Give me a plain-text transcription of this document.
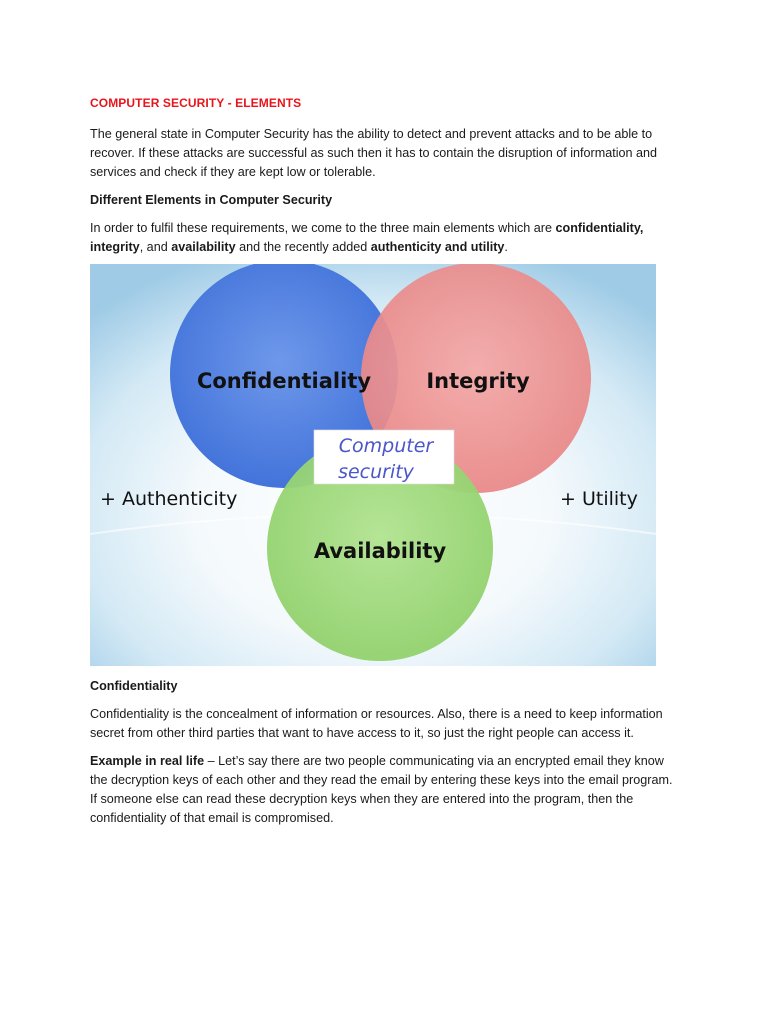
COMPUTER SECURITY - ELEMENTS

The general state in Computer Security has the ability to detect and prevent attacks and to be able to recover. If these attacks are successful as such then it has to contain the disruption of information and services and check if they are kept low or tolerable.

Different Elements in Computer Security

In order to fulfil these requirements, we come to the three main elements which are confidentiality, integrity, and availability and the recently added authenticity and utility.

Confidentiality	Integrity
Availability
Computer
security
+ Authenticity	+ Utility

Confidentiality

Confidentiality is the concealment of information or resources. Also, there is a need to keep information secret from other third parties that want to have access to it, so just the right people can access it.

Example in real life – Let’s say there are two people communicating via an encrypted email they know the decryption keys of each other and they read the email by entering these keys into the email program. If someone else can read these decryption keys when they are entered into the program, then the confidentiality of that email is compromised.
